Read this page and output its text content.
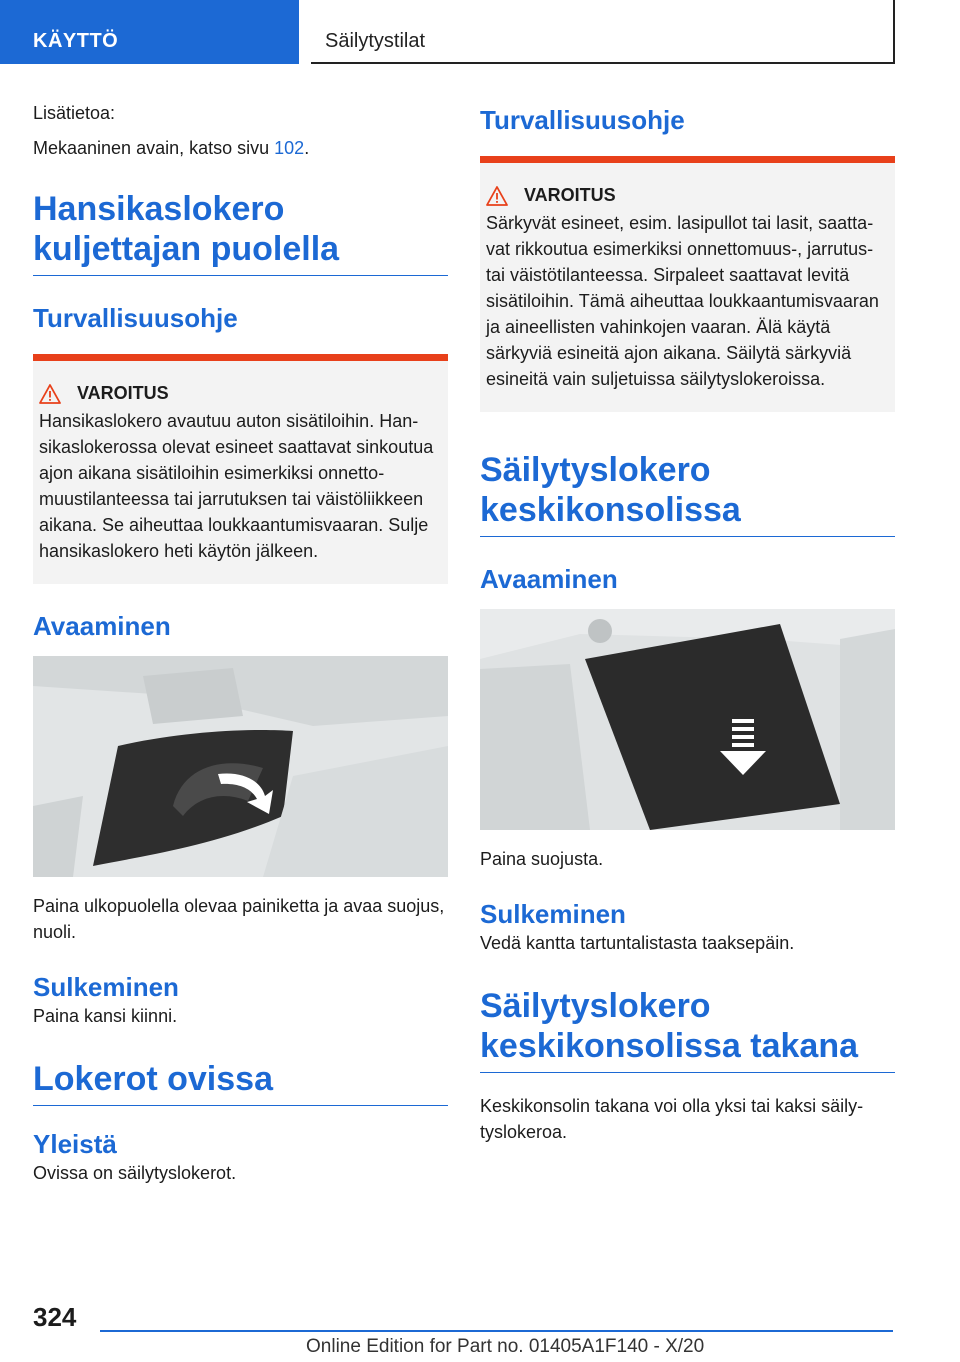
KÄYTTÖ	Säilytystilat

Lisätietoa:

Mekaaninen avain, katso sivu 102.

Hansikaslokero kuljettajan puolella
Turvallisuusohje
VAROITUS

Hansikaslokero avautuu auton sisätiloihin. Hansikaslokerossa olevat esineet saattavat sinkoutua ajon aikana sisätiloihin esimerkiksi onnettomuustilanteessa tai jarrutuksen tai väistöliikkeen aikana. Se aiheuttaa loukkaantumisvaaran. Sulje hansikaslokero heti käytön jälkeen.

Avaaminen

Paina ulkopuolella olevaa painiketta ja avaa suojus, nuoli.

Sulkeminen

Paina kansi kiinni.

Lokerot ovissa
Yleistä

Ovissa on säilytyslokerot.

Turvallisuusohje
VAROITUS

Särkyvät esineet, esim. lasipullot tai lasit, saattavat rikkoutua esimerkiksi onnettomuus-, jarrutus- tai väistötilanteessa. Sirpaleet saattavat levitä sisätiloihin. Tämä aiheuttaa loukkaantumisvaaran ja aineellisten vahinkojen vaaran. Älä käytä särkyviä esineitä ajon aikana. Säilytä särkyviä esineitä vain suljetuissa säilytyslokeroissa.

Säilytyslokero keskikonsolissa
Avaaminen

Paina suojusta.

Sulkeminen

Vedä kantta tartuntalistasta taaksepäin.

Säilytyslokero keskikonsolissa takana

Keskikonsolin takana voi olla yksi tai kaksi säilytyslokeroa.

324
Online Edition for Part no. 01405A1F140 - X/20
